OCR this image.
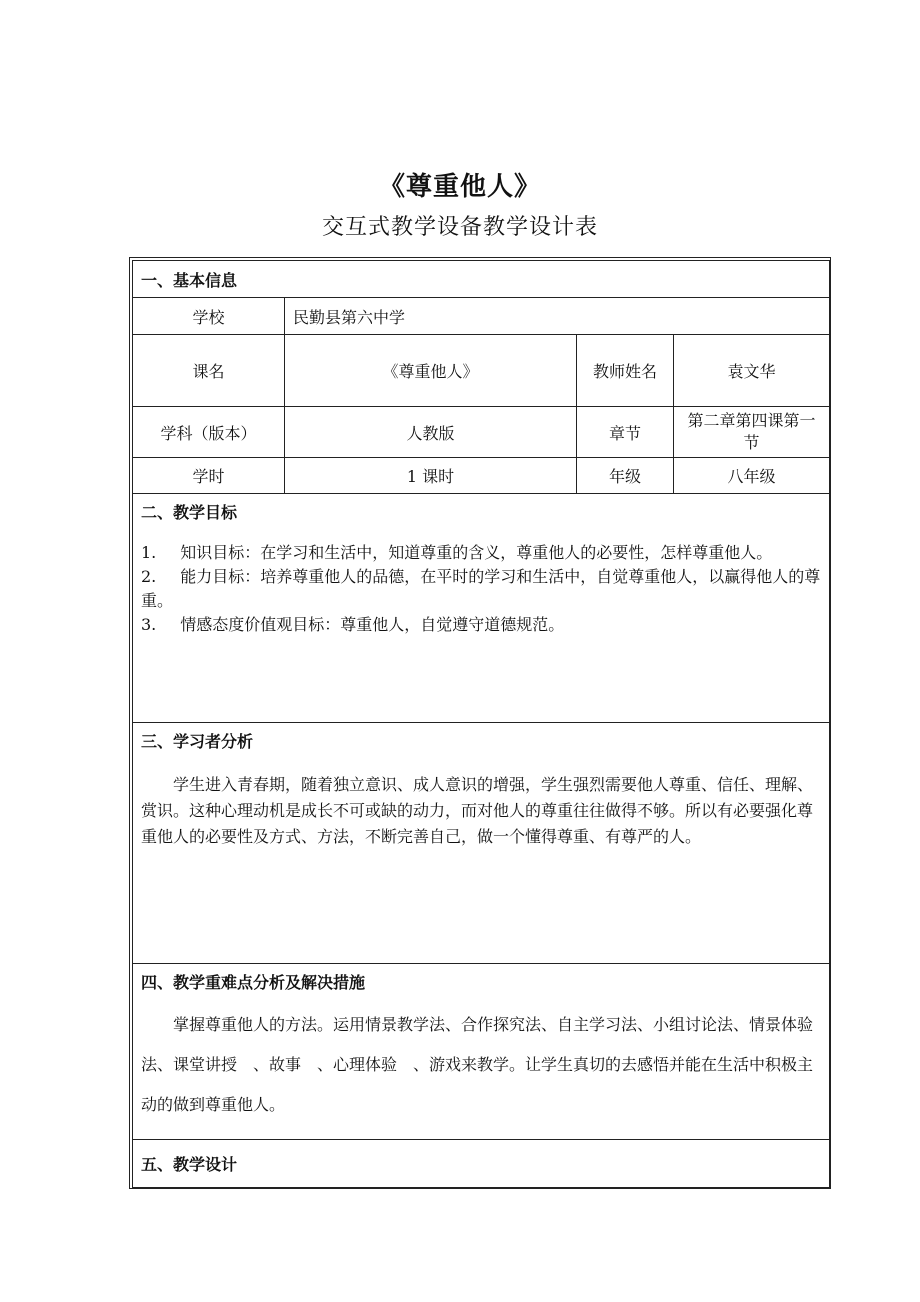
《尊重他人》
交互式教学设备教学设计表
一、基本信息			
学校	民勤县第六中学		
课名	《尊重他人》	教师姓名	袁文华
学科（版本）	人教版	章节	第二章第四课第一节
学时	1 课时	年级	八年级

二、教学目标
1. 知识目标：在学习和生活中，知道尊重的含义，尊重他人的必要性，怎样尊重他人。
2. 能力目标：培养尊重他人的品德，在平时的学习和生活中，自觉尊重他人，以赢得他人的尊重。
3. 情感态度价值观目标：尊重他人，自觉遵守道德规范。			

三、学习者分析
学生进入青春期，随着独立意识、成人意识的增强，学生强烈需要他人尊重、信任、理解、赏识。这种心理动机是成长不可或缺的动力，而对他人的尊重往往做得不够。所以有必要强化尊重他人的必要性及方式、方法，不断完善自己，做一个懂得尊重、有尊严的人。			

四、教学重难点分析及解决措施
掌握尊重他人的方法。运用情景教学法、合作探究法、自主学习法、小组讨论法、情景体验法、课堂讲授　、故事　、心理体验　、游戏来教学。让学生真切的去感悟并能在生活中积极主动的做到尊重他人。			

五、教学设计			
